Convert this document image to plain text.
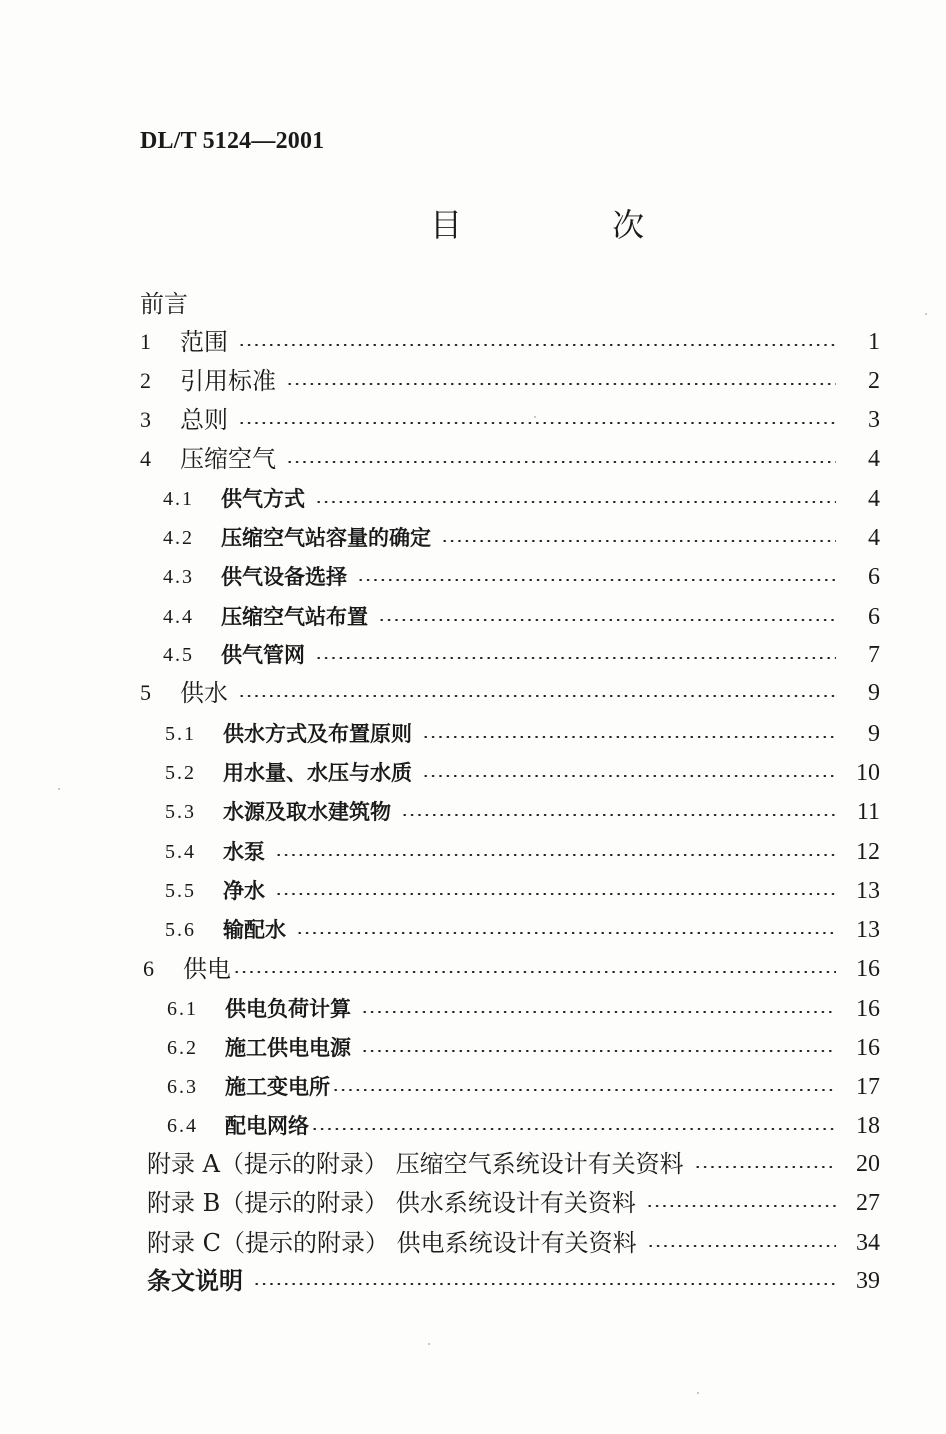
DL/T 5124—2001
目 次
前言
1	范围	1
2	引用标准	2
3	总则	3
4	压缩空气	4
4.1	供气方式	4
4.2	压缩空气站容量的确定	4
4.3	供气设备选择	6
4.4	压缩空气站布置	6
4.5	供气管网	7
5	供水	9
5.1	供水方式及布置原则	9
5.2	用水量、水压与水质	10
5.3	水源及取水建筑物	11
5.4	水泵	12
5.5	净水	13
5.6	输配水	13
6	供电	16
6.1	供电负荷计算	16
6.2	施工供电电源	16
6.3	施工变电所	17
6.4	配电网络	18
附录 A（提示的附录） 压缩空气系统设计有关资料	20
附录 B（提示的附录） 供水系统设计有关资料	27
附录 C（提示的附录） 供电系统设计有关资料	34
条文说明	39
